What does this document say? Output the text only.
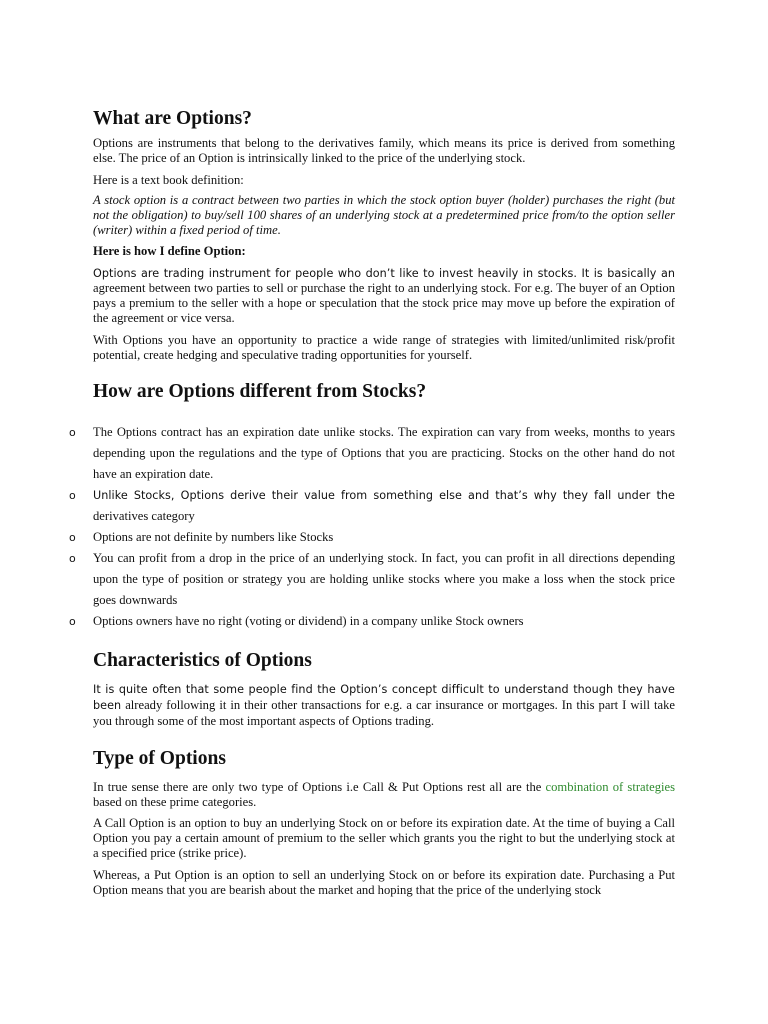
What are Options?

Options are instruments that belong to the derivatives family, which means its price is derived from something else. The price of an Option is intrinsically linked to the price of the underlying stock.

Here is a text book definition:

A stock option is a contract between two parties in which the stock option buyer (holder) purchases the right (but not the obligation) to buy/sell 100 shares of an underlying stock at a predetermined price from/to the option seller (writer) within a fixed period of time.

Here is how I define Option:

Options are trading instrument for people who don’t like to invest heavily in stocks. It is basically an agreement between two parties to sell or purchase the right to an underlying stock. For e.g. The buyer of an Option pays a premium to the seller with a hope or speculation that the stock price may move up before the expiration of the agreement or vice versa.

With Options you have an opportunity to practice a wide range of strategies with limited/unlimited risk/profit potential, create hedging and speculative trading opportunities for yourself.

How are Options different from Stocks?
o The Options contract has an expiration date unlike stocks. The expiration can vary from weeks, months to years depending upon the regulations and the type of Options that you are practicing. Stocks on the other hand do not have an expiration date.
o Unlike Stocks, Options derive their value from something else and that’s why they fall under the derivatives category
o Options are not definite by numbers like Stocks
o You can profit from a drop in the price of an underlying stock. In fact, you can profit in all directions depending upon the type of position or strategy you are holding unlike stocks where you make a loss when the stock price goes downwards
o Options owners have no right (voting or dividend) in a company unlike Stock owners
Characteristics of Options

It is quite often that some people find the Option’s concept difficult to understand though they have been already following it in their other transactions for e.g. a car insurance or mortgages. In this part I will take you through some of the most important aspects of Options trading.

Type of Options

In true sense there are only two type of Options i.e Call & Put Options rest all are the combination of strategies based on these prime categories.

A Call Option is an option to buy an underlying Stock on or before its expiration date. At the time of buying a Call Option you pay a certain amount of premium to the seller which grants you the right to but the underlying stock at a specified price (strike price).

Whereas, a Put Option is an option to sell an underlying Stock on or before its expiration date. Purchasing a Put Option means that you are bearish about the market and hoping that the price of the underlying stock
